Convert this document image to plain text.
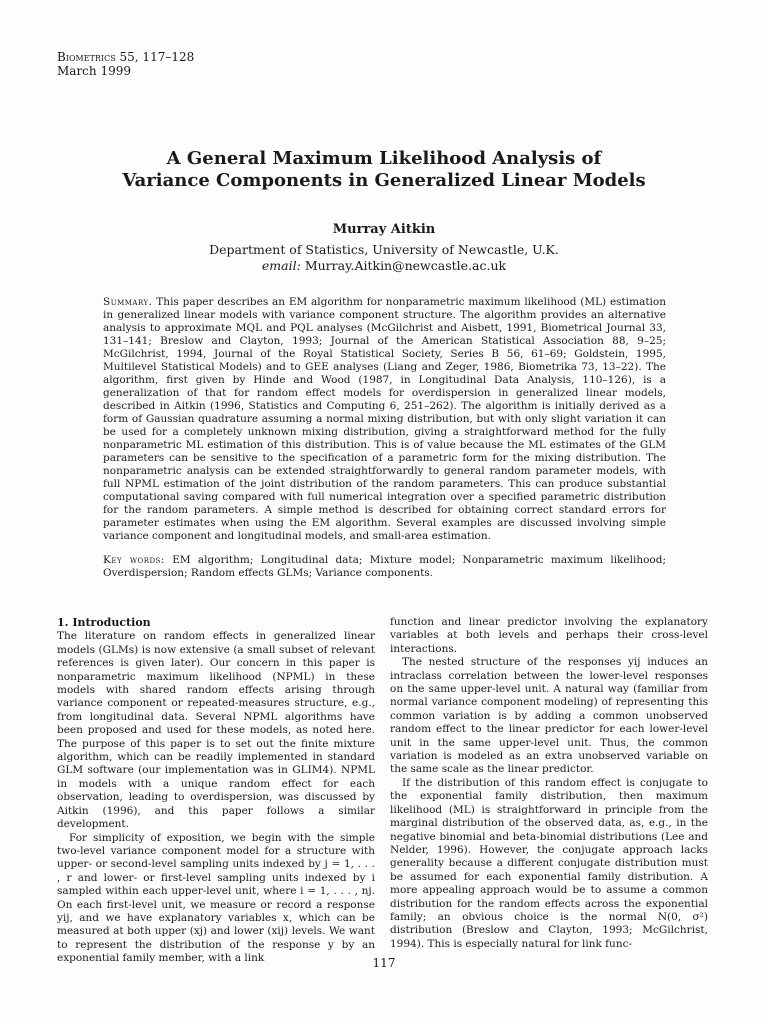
Biometrics 55, 117–128
March 1999
A General Maximum Likelihood Analysis of
Variance Components in Generalized Linear Models
Murray Aitkin
Department of Statistics, University of Newcastle, U.K.
email: Murray.Aitkin@newcastle.ac.uk
Summary. This paper describes an EM algorithm for nonparametric maximum likelihood (ML) estimation in generalized linear models with variance component structure. The algorithm provides an alternative analysis to approximate MQL and PQL analyses (McGilchrist and Aisbett, 1991, Biometrical Journal 33, 131–141; Breslow and Clayton, 1993; Journal of the American Statistical Association 88, 9–25; McGilchrist, 1994, Journal of the Royal Statistical Society, Series B 56, 61–69; Goldstein, 1995, Multilevel Statistical Models) and to GEE analyses (Liang and Zeger, 1986, Biometrika 73, 13–22). The algorithm, first given by Hinde and Wood (1987, in Longitudinal Data Analysis, 110–126), is a generalization of that for random effect models for overdispersion in generalized linear models, described in Aitkin (1996, Statistics and Computing 6, 251–262). The algorithm is initially derived as a form of Gaussian quadrature assuming a normal mixing distribution, but with only slight variation it can be used for a completely unknown mixing distribution, giving a straightforward method for the fully nonparametric ML estimation of this distribution. This is of value because the ML estimates of the GLM parameters can be sensitive to the specification of a parametric form for the mixing distribution. The nonparametric analysis can be extended straightforwardly to general random parameter models, with full NPML estimation of the joint distribution of the random parameters. This can produce substantial computational saving compared with full numerical integration over a specified parametric distribution for the random parameters. A simple method is described for obtaining correct standard errors for parameter estimates when using the EM algorithm. Several examples are discussed involving simple variance component and longitudinal models, and small-area estimation.
Key words: EM algorithm; Longitudinal data; Mixture model; Nonparametric maximum likelihood; Overdispersion; Random effects GLMs; Variance components.
1. Introduction

The literature on random effects in generalized linear models (GLMs) is now extensive (a small subset of relevant references is given later). Our concern in this paper is nonparametric maximum likelihood (NPML) in these models with shared random effects arising through variance component or repeated-measures structure, e.g., from longitudinal data. Several NPML algorithms have been proposed and used for these models, as noted here. The purpose of this paper is to set out the finite mixture algorithm, which can be readily implemented in standard GLM software (our implementation was in GLIM4). NPML in models with a unique random effect for each observation, leading to overdispersion, was discussed by Aitkin (1996), and this paper follows a similar development.

For simplicity of exposition, we begin with the simple two-level variance component model for a structure with upper- or second-level sampling units indexed by j = 1, . . . , r and lower- or first-level sampling units indexed by i sampled within each upper-level unit, where i = 1, . . . , nj. On each first-level unit, we measure or record a response yij, and we have explanatory variables x, which can be measured at both upper (xj) and lower (xij) levels. We want to represent the distribution of the response y by an exponential family member, with a link

function and linear predictor involving the explanatory variables at both levels and perhaps their cross-level interactions.

The nested structure of the responses yij induces an intraclass correlation between the lower-level responses on the same upper-level unit. A natural way (familiar from normal variance component modeling) of representing this common variation is by adding a common unobserved random effect to the linear predictor for each lower-level unit in the same upper-level unit. Thus, the common variation is modeled as an extra unobserved variable on the same scale as the linear predictor.

If the distribution of this random effect is conjugate to the exponential family distribution, then maximum likelihood (ML) is straightforward in principle from the marginal distribution of the observed data, as, e.g., in the negative binomial and beta-binomial distributions (Lee and Nelder, 1996). However, the conjugate approach lacks generality because a different conjugate distribution must be assumed for each exponential family distribution. A more appealing approach would be to assume a common distribution for the random effects across the exponential family; an obvious choice is the normal N(0, σ²) distribution (Breslow and Clayton, 1993; McGilchrist, 1994). This is especially natural for link func-

117
